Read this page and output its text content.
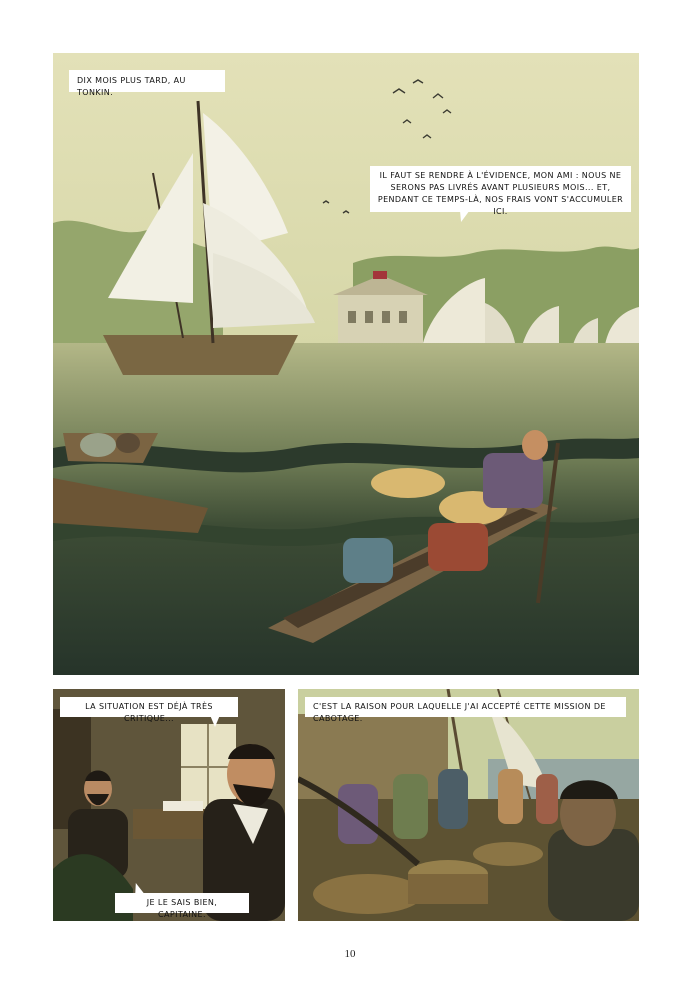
DIX MOIS PLUS TARD, AU TONKIN.
IL FAUT SE RENDRE À L'ÉVIDENCE, MON AMI : NOUS NE SERONS PAS LIVRÉS AVANT PLUSIEURS MOIS... ET, PENDANT CE TEMPS-LÀ, NOS FRAIS VONT S'ACCUMULER ICI.
LA SITUATION EST DÉJÀ TRÈS CRITIQUE...
JE LE SAIS BIEN, CAPITAINE.
C'EST LA RAISON POUR LAQUELLE J'AI ACCEPTÉ CETTE MISSION DE CABOTAGE.
10
